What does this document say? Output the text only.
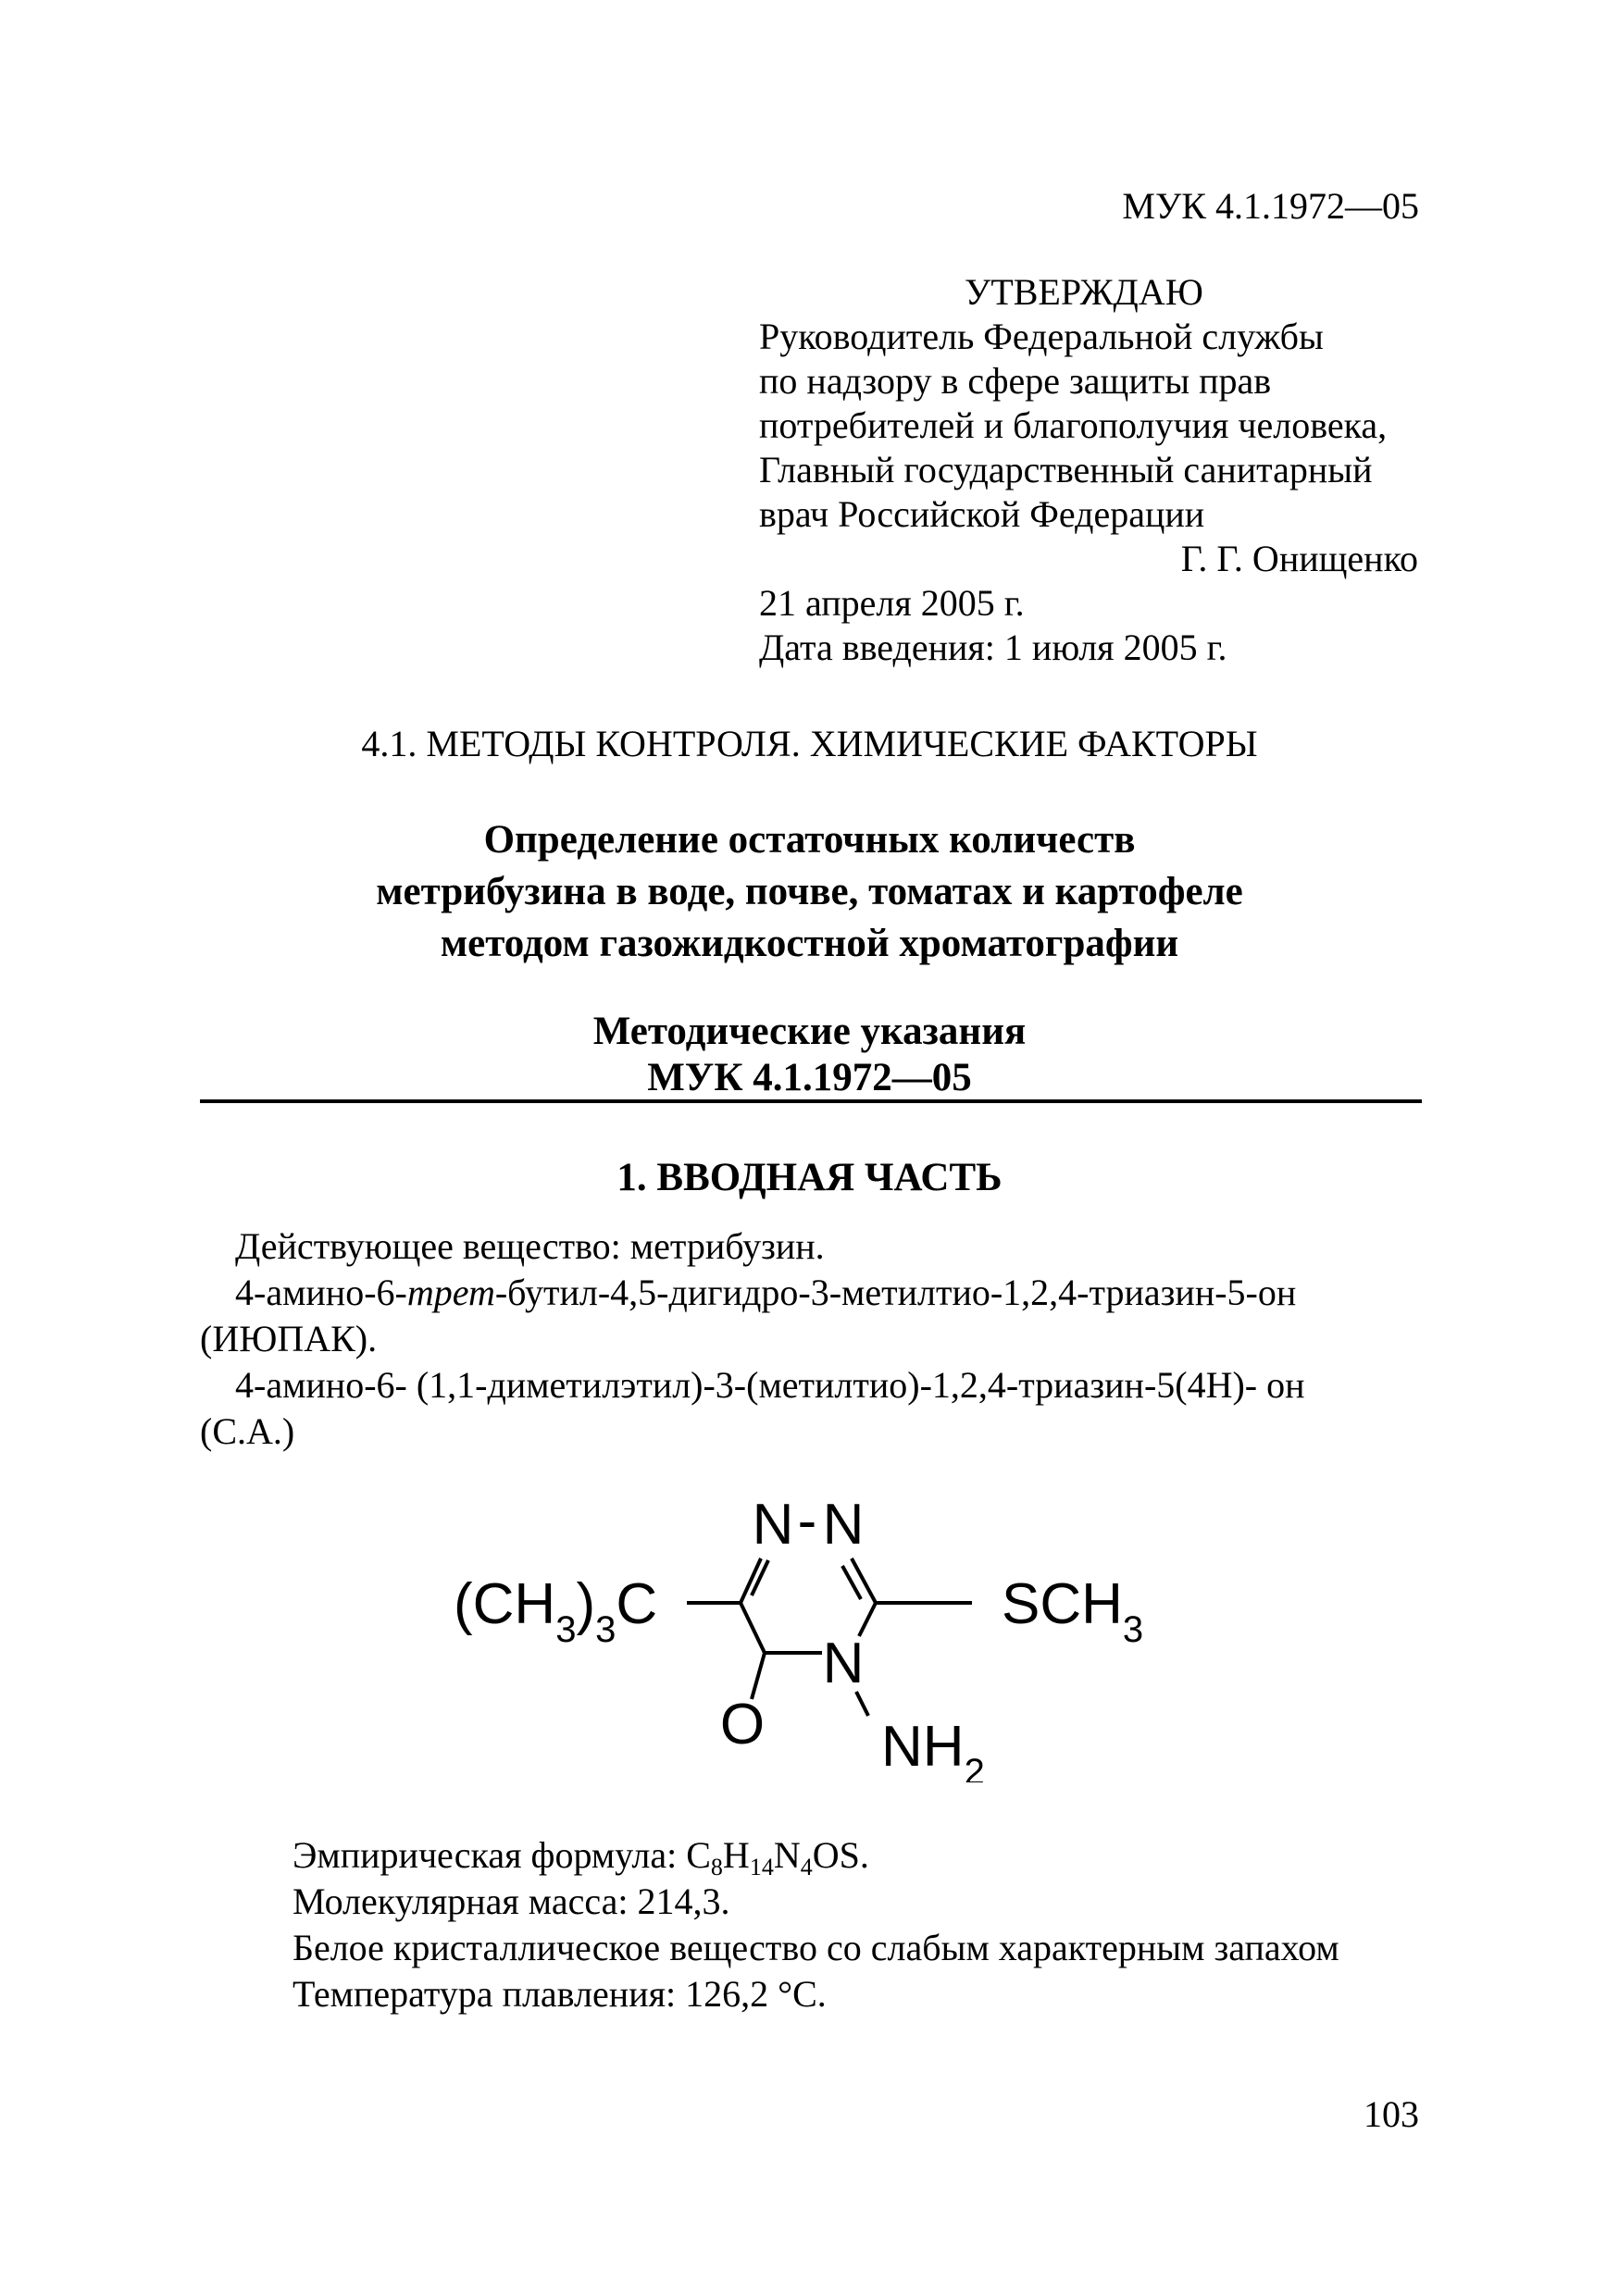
МУК 4.1.1972—05
УТВЕРЖДАЮ
Руководитель Федеральной службы
по надзору в сфере защиты прав
потребителей и благополучия человека,
Главный государственный санитарный
врач Российской Федерации
Г. Г. Онищенко
21 апреля 2005 г.
Дата введения: 1 июля 2005 г.
4.1. МЕТОДЫ КОНТРОЛЯ. ХИМИЧЕСКИЕ ФАКТОРЫ
Определение остаточных количеств
метрибузина в воде, почве, томатах и картофеле
методом газожидкостной хроматографии
Методические указания
МУК 4.1.1972—05
1. ВВОДНАЯ ЧАСТЬ
Действующее вещество: метрибузин.
4-амино-6-трет-бутил-4,5-дигидро-3-метилтио-1,2,4-триазин-5-он
(ИЮПАК).
4-амино-6- (1,1-диметилэтил)-3-(метилтио)-1,2,4-триазин-5(4Н)- он
(С.А.)
N - N
(CH3)3C	SCH3
N
O NH2
Эмпирическая формула: $C_8H_{14}N_4OS$.
Молекулярная масса: 214,3.
Белое кристаллическое вещество со слабым характерным запахом
Температура плавления: 126,2 °С.
103
